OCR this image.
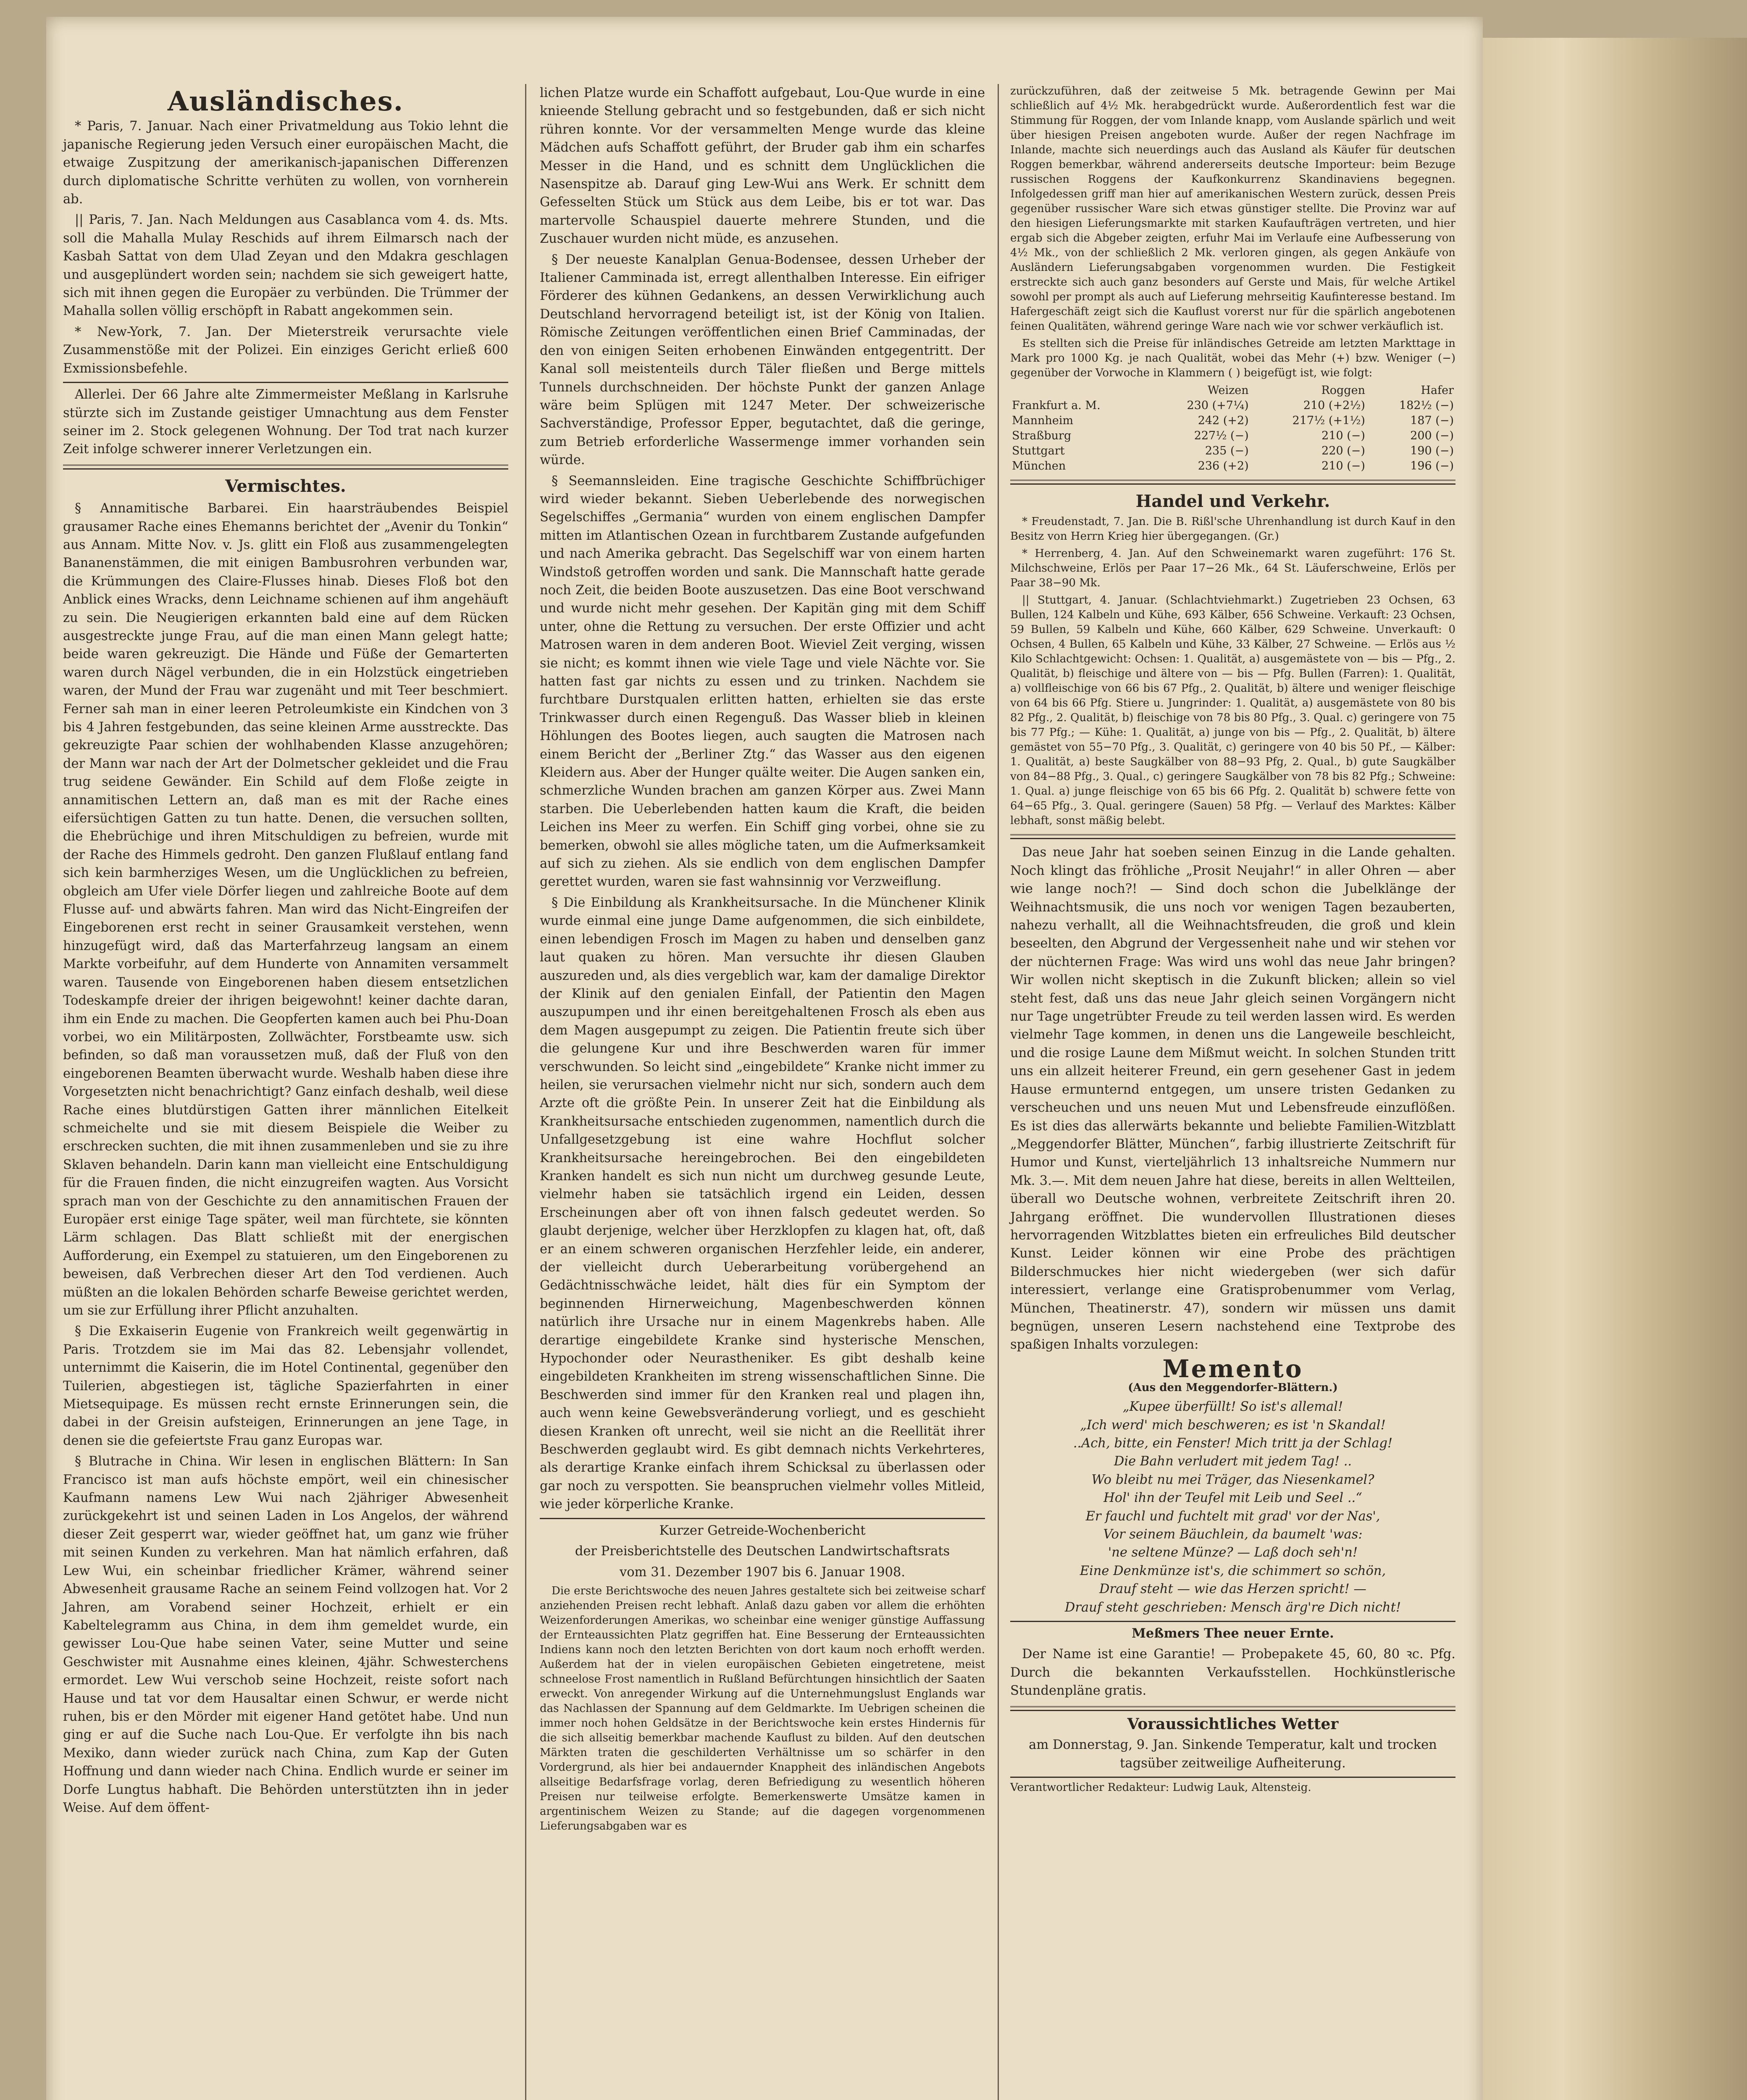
Ausländisches.

* Paris, 7. Januar. Nach einer Privatmeldung aus Tokio lehnt die japanische Regierung jeden Versuch einer europäischen Macht, die etwaige Zuspitzung der amerikanisch-japanischen Differenzen durch diplomatische Schritte verhüten zu wollen, von vornherein ab.

|| Paris, 7. Jan. Nach Meldungen aus Casablanca vom 4. ds. Mts. soll die Mahalla Mulay Reschids auf ihrem Eilmarsch nach der Kasbah Sattat von dem Ulad Zeyan und den Mdakra geschlagen und ausgeplündert worden sein; nachdem sie sich geweigert hatte, sich mit ihnen gegen die Europäer zu verbünden. Die Trümmer der Mahalla sollen völlig erschöpft in Rabatt angekommen sein.

* New-York, 7. Jan. Der Mieterstreik verursachte viele Zusammenstöße mit der Polizei. Ein einziges Gericht erließ 600 Exmissionsbefehle.

Allerlei. Der 66 Jahre alte Zimmermeister Meßlang in Karlsruhe stürzte sich im Zustande geistiger Umnachtung aus dem Fenster seiner im 2. Stock gelegenen Wohnung. Der Tod trat nach kurzer Zeit infolge schwerer innerer Verletzungen ein.

Vermischtes.

§ Annamitische Barbarei. Ein haarsträubendes Beispiel grausamer Rache eines Ehemanns berichtet der „Avenir du Tonkin“ aus Annam. Mitte Nov. v. Js. glitt ein Floß aus zusammengelegten Bananenstämmen, die mit einigen Bambusrohren verbunden war, die Krümmungen des Claire-Flusses hinab. Dieses Floß bot den Anblick eines Wracks, denn Leichname schienen auf ihm angehäuft zu sein. Die Neugierigen erkannten bald eine auf dem Rücken ausgestreckte junge Frau, auf die man einen Mann gelegt hatte; beide waren gekreuzigt. Die Hände und Füße der Gemarterten waren durch Nägel verbunden, die in ein Holzstück eingetrieben waren, der Mund der Frau war zugenäht und mit Teer beschmiert. Ferner sah man in einer leeren Petroleumkiste ein Kindchen von 3 bis 4 Jahren festgebunden, das seine kleinen Arme ausstreckte. Das gekreuzigte Paar schien der wohlhabenden Klasse anzugehören; der Mann war nach der Art der Dolmetscher gekleidet und die Frau trug seidene Gewänder. Ein Schild auf dem Floße zeigte in annamitischen Lettern an, daß man es mit der Rache eines eifersüchtigen Gatten zu tun hatte. Denen, die versuchen sollten, die Ehebrüchige und ihren Mitschuldigen zu befreien, wurde mit der Rache des Himmels gedroht. Den ganzen Flußlauf entlang fand sich kein barmherziges Wesen, um die Unglücklichen zu befreien, obgleich am Ufer viele Dörfer liegen und zahlreiche Boote auf dem Flusse auf- und abwärts fahren. Man wird das Nicht-Eingreifen der Eingeborenen erst recht in seiner Grausamkeit verstehen, wenn hinzugefügt wird, daß das Marterfahrzeug langsam an einem Markte vorbeifuhr, auf dem Hunderte von Annamiten versammelt waren. Tausende von Eingeborenen haben diesem entsetzlichen Todeskampfe dreier der ihrigen beigewohnt! keiner dachte daran, ihm ein Ende zu machen. Die Geopferten kamen auch bei Phu-Doan vorbei, wo ein Militärposten, Zollwächter, Forstbeamte usw. sich befinden, so daß man voraussetzen muß, daß der Fluß von den eingeborenen Beamten überwacht wurde. Weshalb haben diese ihre Vorgesetzten nicht benachrichtigt? Ganz einfach deshalb, weil diese Rache eines blutdürstigen Gatten ihrer männlichen Eitelkeit schmeichelte und sie mit diesem Beispiele die Weiber zu erschrecken suchten, die mit ihnen zusammenleben und sie zu ihre Sklaven behandeln. Darin kann man vielleicht eine Entschuldigung für die Frauen finden, die nicht einzugreifen wagten. Aus Vorsicht sprach man von der Geschichte zu den annamitischen Frauen der Europäer erst einige Tage später, weil man fürchtete, sie könnten Lärm schlagen. Das Blatt schließt mit der energischen Aufforderung, ein Exempel zu statuieren, um den Eingeborenen zu beweisen, daß Verbrechen dieser Art den Tod verdienen. Auch müßten an die lokalen Behörden scharfe Beweise gerichtet werden, um sie zur Erfüllung ihrer Pflicht anzuhalten.

§ Die Exkaiserin Eugenie von Frankreich weilt gegenwärtig in Paris. Trotzdem sie im Mai das 82. Lebensjahr vollendet, unternimmt die Kaiserin, die im Hotel Continental, gegenüber den Tuilerien, abgestiegen ist, tägliche Spazierfahrten in einer Mietsequipage. Es müssen recht ernste Erinnerungen sein, die dabei in der Greisin aufsteigen, Erinnerungen an jene Tage, in denen sie die gefeiertste Frau ganz Europas war.

§ Blutrache in China. Wir lesen in englischen Blättern: In San Francisco ist man aufs höchste empört, weil ein chinesischer Kaufmann namens Lew Wui nach 2jähriger Abwesenheit zurückgekehrt ist und seinen Laden in Los Angelos, der während dieser Zeit gesperrt war, wieder geöffnet hat, um ganz wie früher mit seinen Kunden zu verkehren. Man hat nämlich erfahren, daß Lew Wui, ein scheinbar friedlicher Krämer, während seiner Abwesenheit grausame Rache an seinem Feind vollzogen hat. Vor 2 Jahren, am Vorabend seiner Hochzeit, erhielt er ein Kabeltelegramm aus China, in dem ihm gemeldet wurde, ein gewisser Lou-Que habe seinen Vater, seine Mutter und seine Geschwister mit Ausnahme eines kleinen, 4jähr. Schwesterchens ermordet. Lew Wui verschob seine Hochzeit, reiste sofort nach Hause und tat vor dem Hausaltar einen Schwur, er werde nicht ruhen, bis er den Mörder mit eigener Hand getötet habe. Und nun ging er auf die Suche nach Lou-Que. Er verfolgte ihn bis nach Mexiko, dann wieder zurück nach China, zum Kap der Guten Hoffnung und dann wieder nach China. Endlich wurde er seiner im Dorfe Lungtus habhaft. Die Behörden unterstützten ihn in jeder Weise. Auf dem öffent-

lichen Platze wurde ein Schaffott aufgebaut, Lou-Que wurde in eine knieende Stellung gebracht und so festgebunden, daß er sich nicht rühren konnte. Vor der versammelten Menge wurde das kleine Mädchen aufs Schaffott geführt, der Bruder gab ihm ein scharfes Messer in die Hand, und es schnitt dem Unglücklichen die Nasenspitze ab. Darauf ging Lew-Wui ans Werk. Er schnitt dem Gefesselten Stück um Stück aus dem Leibe, bis er tot war. Das martervolle Schauspiel dauerte mehrere Stunden, und die Zuschauer wurden nicht müde, es anzusehen.

§ Der neueste Kanalplan Genua-Bodensee, dessen Urheber der Italiener Camminada ist, erregt allenthalben Interesse. Ein eifriger Förderer des kühnen Gedankens, an dessen Verwirklichung auch Deutschland hervorragend beteiligt ist, ist der König von Italien. Römische Zeitungen veröffentlichen einen Brief Camminadas, der den von einigen Seiten erhobenen Einwänden entgegentritt. Der Kanal soll meistenteils durch Täler fließen und Berge mittels Tunnels durchschneiden. Der höchste Punkt der ganzen Anlage wäre beim Splügen mit 1247 Meter. Der schweizerische Sachverständige, Professor Epper, begutachtet, daß die geringe, zum Betrieb erforderliche Wassermenge immer vorhanden sein würde.

§ Seemannsleiden. Eine tragische Geschichte Schiffbrüchiger wird wieder bekannt. Sieben Ueberlebende des norwegischen Segelschiffes „Germania“ wurden von einem englischen Dampfer mitten im Atlantischen Ozean in furchtbarem Zustande aufgefunden und nach Amerika gebracht. Das Segelschiff war von einem harten Windstoß getroffen worden und sank. Die Mannschaft hatte gerade noch Zeit, die beiden Boote auszusetzen. Das eine Boot verschwand und wurde nicht mehr gesehen. Der Kapitän ging mit dem Schiff unter, ohne die Rettung zu versuchen. Der erste Offizier und acht Matrosen waren in dem anderen Boot. Wieviel Zeit verging, wissen sie nicht; es kommt ihnen wie viele Tage und viele Nächte vor. Sie hatten fast gar nichts zu essen und zu trinken. Nachdem sie furchtbare Durstqualen erlitten hatten, erhielten sie das erste Trinkwasser durch einen Regenguß. Das Wasser blieb in kleinen Höhlungen des Bootes liegen, auch saugten die Matrosen nach einem Bericht der „Berliner Ztg.“ das Wasser aus den eigenen Kleidern aus. Aber der Hunger quälte weiter. Die Augen sanken ein, schmerzliche Wunden brachen am ganzen Körper aus. Zwei Mann starben. Die Ueberlebenden hatten kaum die Kraft, die beiden Leichen ins Meer zu werfen. Ein Schiff ging vorbei, ohne sie zu bemerken, obwohl sie alles mögliche taten, um die Aufmerksamkeit auf sich zu ziehen. Als sie endlich von dem englischen Dampfer gerettet wurden, waren sie fast wahnsinnig vor Verzweiflung.

§ Die Einbildung als Krankheitsursache. In die Münchener Klinik wurde einmal eine junge Dame aufgenommen, die sich einbildete, einen lebendigen Frosch im Magen zu haben und denselben ganz laut quaken zu hören. Man versuchte ihr diesen Glauben auszureden und, als dies vergeblich war, kam der damalige Direktor der Klinik auf den genialen Einfall, der Patientin den Magen auszupumpen und ihr einen bereitgehaltenen Frosch als eben aus dem Magen ausgepumpt zu zeigen. Die Patientin freute sich über die gelungene Kur und ihre Beschwerden waren für immer verschwunden. So leicht sind „eingebildete“ Kranke nicht immer zu heilen, sie verursachen vielmehr nicht nur sich, sondern auch dem Arzte oft die größte Pein. In unserer Zeit hat die Einbildung als Krankheitsursache entschieden zugenommen, namentlich durch die Unfallgesetzgebung ist eine wahre Hochflut solcher Krankheitsursache hereingebrochen. Bei den eingebildeten Kranken handelt es sich nun nicht um durchweg gesunde Leute, vielmehr haben sie tatsächlich irgend ein Leiden, dessen Erscheinungen aber oft von ihnen falsch gedeutet werden. So glaubt derjenige, welcher über Herzklopfen zu klagen hat, oft, daß er an einem schweren organischen Herzfehler leide, ein anderer, der vielleicht durch Ueberarbeitung vorübergehend an Gedächtnisschwäche leidet, hält dies für ein Symptom der beginnenden Hirnerweichung, Magenbeschwerden können natürlich ihre Ursache nur in einem Magenkrebs haben. Alle derartige eingebildete Kranke sind hysterische Menschen, Hypochonder oder Neurastheniker. Es gibt deshalb keine eingebildeten Krankheiten im streng wissenschaftlichen Sinne. Die Beschwerden sind immer für den Kranken real und plagen ihn, auch wenn keine Gewebsveränderung vorliegt, und es geschieht diesen Kranken oft unrecht, weil sie nicht an die Reellität ihrer Beschwerden geglaubt wird. Es gibt demnach nichts Verkehrteres, als derartige Kranke einfach ihrem Schicksal zu überlassen oder gar noch zu verspotten. Sie beanspruchen vielmehr volles Mitleid, wie jeder körperliche Kranke.

Kurzer Getreide-Wochenbericht

der Preisberichtstelle des Deutschen Landwirtschaftsrats

vom 31. Dezember 1907 bis 6. Januar 1908.

Die erste Berichtswoche des neuen Jahres gestaltete sich bei zeitweise scharf anziehenden Preisen recht lebhaft. Anlaß dazu gaben vor allem die erhöhten Weizenforderungen Amerikas, wo scheinbar eine weniger günstige Auffassung der Ernteaussichten Platz gegriffen hat. Eine Besserung der Ernteaussichten Indiens kann noch den letzten Berichten von dort kaum noch erhofft werden. Außerdem hat der in vielen europäischen Gebieten eingetretene, meist schneelose Frost namentlich in Rußland Befürchtungen hinsichtlich der Saaten erweckt. Von anregender Wirkung auf die Unternehmungslust Englands war das Nachlassen der Spannung auf dem Geldmarkte. Im Uebrigen scheinen die immer noch hohen Geldsätze in der Berichtswoche kein erstes Hindernis für die sich allseitig bemerkbar machende Kauflust zu bilden. Auf den deutschen Märkten traten die geschilderten Verhältnisse um so schärfer in den Vordergrund, als hier bei andauernder Knappheit des inländischen Angebots allseitige Bedarfsfrage vorlag, deren Befriedigung zu wesentlich höheren Preisen nur teilweise erfolgte. Bemerkenswerte Umsätze kamen in argentinischem Weizen zu Stande; auf die dagegen vorgenommenen Lieferungsabgaben war es

zurückzuführen, daß der zeitweise 5 Mk. betragende Gewinn per Mai schließlich auf 4½ Mk. herabgedrückt wurde. Außerordentlich fest war die Stimmung für Roggen, der vom Inlande knapp, vom Auslande spärlich und weit über hiesigen Preisen angeboten wurde. Außer der regen Nachfrage im Inlande, machte sich neuerdings auch das Ausland als Käufer für deutschen Roggen bemerkbar, während andererseits deutsche Importeur: beim Bezuge russischen Roggens der Kaufkonkurrenz Skandinaviens begegnen. Infolgedessen griff man hier auf amerikanischen Western zurück, dessen Preis gegenüber russischer Ware sich etwas günstiger stellte. Die Provinz war auf den hiesigen Lieferungsmarkte mit starken Kaufaufträgen vertreten, und hier ergab sich die Abgeber zeigten, erfuhr Mai im Verlaufe eine Aufbesserung von 4½ Mk., von der schließlich 2 Mk. verloren gingen, als gegen Ankäufe von Ausländern Lieferungsabgaben vorgenommen wurden. Die Festigkeit erstreckte sich auch ganz besonders auf Gerste und Mais, für welche Artikel sowohl per prompt als auch auf Lieferung mehrseitig Kaufinteresse bestand. Im Hafergeschäft zeigt sich die Kauflust vorerst nur für die spärlich angebotenen feinen Qualitäten, während geringe Ware nach wie vor schwer verkäuflich ist.

Es stellten sich die Preise für inländisches Getreide am letzten Markttage in Mark pro 1000 Kg. je nach Qualität, wobei das Mehr (+) bzw. Weniger (−) gegenüber der Vorwoche in Klammern ( ) beigefügt ist, wie folgt:

	Weizen	Roggen	Hafer
Frankfurt a. M.	230 (+7¼)	210 (+2½)	182½ (−)
Mannheim	242 (+2)	217½ (+1½)	187 (−)
Straßburg	227½ (−)	210 (−)	200 (−)
Stuttgart	235 (−)	220 (−)	190 (−)
München	236 (+2)	210 (−)	196 (−)
Handel und Verkehr.

* Freudenstadt, 7. Jan. Die B. Rißl'sche Uhrenhandlung ist durch Kauf in den Besitz von Herrn Krieg hier übergegangen. (Gr.)

* Herrenberg, 4. Jan. Auf den Schweinemarkt waren zugeführt: 176 St. Milchschweine, Erlös per Paar 17−26 Mk., 64 St. Läuferschweine, Erlös per Paar 38−90 Mk.

|| Stuttgart, 4. Januar. (Schlachtviehmarkt.) Zugetrieben 23 Ochsen, 63 Bullen, 124 Kalbeln und Kühe, 693 Kälber, 656 Schweine. Verkauft: 23 Ochsen, 59 Bullen, 59 Kalbeln und Kühe, 660 Kälber, 629 Schweine. Unverkauft: 0 Ochsen, 4 Bullen, 65 Kalbeln und Kühe, 33 Kälber, 27 Schweine. — Erlös aus ½ Kilo Schlachtgewicht: Ochsen: 1. Qualität, a) ausgemästete von — bis — Pfg., 2. Qualität, b) fleischige und ältere von — bis — Pfg. Bullen (Farren): 1. Qualität, a) vollfleischige von 66 bis 67 Pfg., 2. Qualität, b) ältere und weniger fleischige von 64 bis 66 Pfg. Stiere u. Jungrinder: 1. Qualität, a) ausgemästete von 80 bis 82 Pfg., 2. Qualität, b) fleischige von 78 bis 80 Pfg., 3. Qual. c) geringere von 75 bis 77 Pfg.; — Kühe: 1. Qualität, a) junge von bis — Pfg., 2. Qualität, b) ältere gemästet von 55−70 Pfg., 3. Qualität, c) geringere von 40 bis 50 Pf., — Kälber: 1. Qualität, a) beste Saugkälber von 88−93 Pfg, 2. Qual., b) gute Saugkälber von 84−88 Pfg., 3. Qual., c) geringere Saugkälber von 78 bis 82 Pfg.; Schweine: 1. Qual. a) junge fleischige von 65 bis 66 Pfg. 2. Qualität b) schwere fette von 64−65 Pfg., 3. Qual. geringere (Sauen) 58 Pfg. — Verlauf des Marktes: Kälber lebhaft, sonst mäßig belebt.

Das neue Jahr hat soeben seinen Einzug in die Lande gehalten. Noch klingt das fröhliche „Prosit Neujahr!“ in aller Ohren — aber wie lange noch?! — Sind doch schon die Jubelklänge der Weihnachtsmusik, die uns noch vor wenigen Tagen bezauberten, nahezu verhallt, all die Weihnachtsfreuden, die groß und klein beseelten, den Abgrund der Vergessenheit nahe und wir stehen vor der nüchternen Frage: Was wird uns wohl das neue Jahr bringen? Wir wollen nicht skeptisch in die Zukunft blicken; allein so viel steht fest, daß uns das neue Jahr gleich seinen Vorgängern nicht nur Tage ungetrübter Freude zu teil werden lassen wird. Es werden vielmehr Tage kommen, in denen uns die Langeweile beschleicht, und die rosige Laune dem Mißmut weicht. In solchen Stunden tritt uns ein allzeit heiterer Freund, ein gern gesehener Gast in jedem Hause ermunternd entgegen, um unsere tristen Gedanken zu verscheuchen und uns neuen Mut und Lebensfreude einzuflößen. Es ist dies das allerwärts bekannte und beliebte Familien-Witzblatt „Meggendorfer Blätter, München“, farbig illustrierte Zeitschrift für Humor und Kunst, vierteljährlich 13 inhaltsreiche Nummern nur Mk. 3.—. Mit dem neuen Jahre hat diese, bereits in allen Weltteilen, überall wo Deutsche wohnen, verbreitete Zeitschrift ihren 20. Jahrgang eröffnet. Die wundervollen Illustrationen dieses hervorragenden Witzblattes bieten ein erfreuliches Bild deutscher Kunst. Leider können wir eine Probe des prächtigen Bilderschmuckes hier nicht wiedergeben (wer sich dafür interessiert, verlange eine Gratisprobenummer vom Verlag, München, Theatinerstr. 47), sondern wir müssen uns damit begnügen, unseren Lesern nachstehend eine Textprobe des spaßigen Inhalts vorzulegen:

Memento

(Aus den Meggendorfer-Blättern.)

„Kupee überfüllt! So ist's allemal!

„Ich werd' mich beschweren; es ist 'n Skandal!

..Ach, bitte, ein Fenster! Mich tritt ja der Schlag!

Die Bahn verludert mit jedem Tag! ..

Wo bleibt nu mei Träger, das Niesenkamel?

Hol' ihn der Teufel mit Leib und Seel ..“

Er fauchl und fuchtelt mit grad' vor der Nas',

Vor seinem Bäuchlein, da baumelt 'was:

'ne seltene Münze? — Laß doch seh'n!

Eine Denkmünze ist's, die schimmert so schön,

Drauf steht — wie das Herzen spricht! —

Drauf steht geschrieben: Mensch ärg're Dich nicht!

Meßmers Thee neuer Ernte.

Der Name ist eine Garantie! — Probepakete 45, 60, 80 ꝛc. Pfg. Durch die bekannten Verkaufsstellen. Hochkünstlerische Stundenpläne gratis.

Voraussichtliches Wetter

am Donnerstag, 9. Jan. Sinkende Temperatur, kalt und trocken tagsüber zeitweilige Aufheiterung.

Verantwortlicher Redakteur: Ludwig Lauk, Altensteig.
